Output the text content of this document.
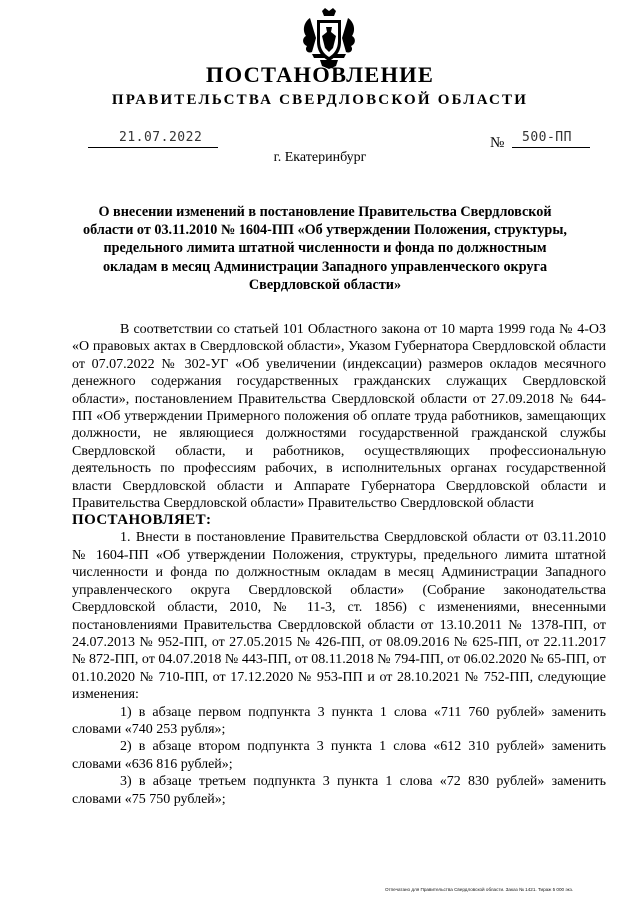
ПОСТАНОВЛЕНИЕ
ПРАВИТЕЛЬСТВА СВЕРДЛОВСКОЙ ОБЛАСТИ
21.07.2022	№ 500-ПП
г. Екатеринбург
О внесении изменений в постановление Правительства Свердловской области от 03.11.2010 № 1604-ПП «Об утверждении Положения, структуры, предельного лимита штатной численности и фонда по должностным окладам в месяц Администрации Западного управленческого округа Свердловской области»

В соответствии со статьей 101 Областного закона от 10 марта 1999 года № 4-ОЗ «О правовых актах в Свердловской области», Указом Губернатора Свердловской области от 07.07.2022 № 302-УГ «Об увеличении (индексации) размеров окладов месячного денежного содержания государственных гражданских служащих Свердловской области», постановлением Правительства Свердловской области от 27.09.2018 № 644-ПП «Об утверждении Примерного положения об оплате труда работников, замещающих должности, не являющиеся должностями государственной гражданской службы Свердловской области, и работников, осуществляющих профессиональную деятельность по профессиям рабочих, в исполнительных органах государственной власти Свердловской области и Аппарате Губернатора Свердловской области и Правительства Свердловской области» Правительство Свердловской области

ПОСТАНОВЛЯЕТ:

1. Внести в постановление Правительства Свердловской области от 03.11.2010 № 1604-ПП «Об утверждении Положения, структуры, предельного лимита штатной численности и фонда по должностным окладам в месяц Администрации Западного управленческого округа Свердловской области» (Собрание законодательства Свердловской области, 2010, № 11-3, ст. 1856) с изменениями, внесенными постановлениями Правительства Свердловской области от 13.10.2011 № 1378-ПП, от 24.07.2013 № 952-ПП, от 27.05.2015 № 426-ПП, от 08.09.2016 № 625-ПП, от 22.11.2017 № 872-ПП, от 04.07.2018 № 443-ПП, от 08.11.2018 № 794-ПП, от 06.02.2020 № 65-ПП, от 01.10.2020 № 710-ПП, от 17.12.2020 № 953-ПП и от 28.10.2021 № 752-ПП, следующие изменения:

1) в абзаце первом подпункта 3 пункта 1 слова «711 760 рублей» заменить словами «740 253 рубля»;

2) в абзаце втором подпункта 3 пункта 1 слова «612 310 рублей» заменить словами «636 816 рублей»;

3) в абзаце третьем подпункта 3 пункта 1 слова «72 830 рублей» заменить словами «75 750 рублей»;

Отпечатано для Правительства Свердловской области. Заказ № 1421. Тираж 5 000 экз.
